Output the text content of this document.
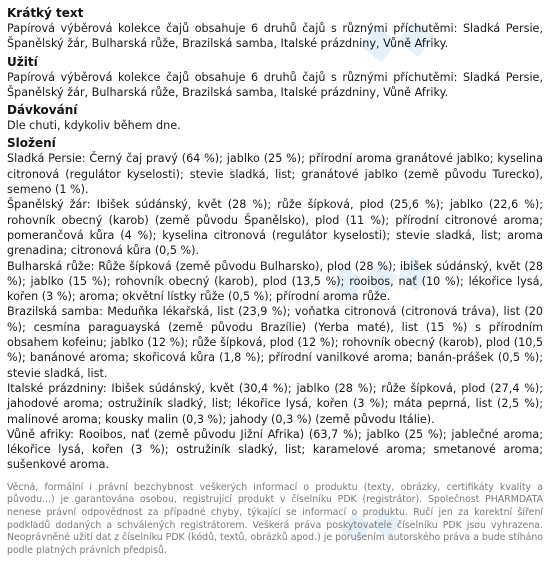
◆◆
◆◆◆
◆◆
Krátký text

Papírová výběrová kolekce čajů obsahuje 6 druhů čajů s různými příchutěmi: Sladká Persie, Španělský žár, Bulharská růže, Brazilská samba, Italské prázdniny, Vůně Afriky.

Užití

Papírová výběrová kolekce čajů obsahuje 6 druhů čajů s různými příchutěmi: Sladká Persie, Španělský žár, Bulharská růže, Brazilská samba, Italské prázdniny, Vůně Afriky.

Dávkování

Dle chuti, kdykoliv během dne.

Složení

Sladká Persie: Černý čaj pravý (64 %); jablko (25 %); přírodní aroma granátové jablko; kyselina citronová (regulátor kyselosti); stevie sladká, list; granátové jablko (země původu Turecko), semeno (1 %).

Španělský žár: Ibišek súdánský, květ (28 %); růže šípková, plod (25,6 %); jablko (22,6 %); rohovník obecný (karob) (země původu Španělsko), plod (11 %); přírodní citronové aroma; pomerančová kůra (4 %); kyselina citronová (regulátor kyselosti); stevie sladká, list; aroma grenadina; citronová kůra (0,5 %).

Bulharská růže: Růže šípková (země původu Bulharsko), plod (28 %); ibišek súdánský, květ (28 %); jablko (15 %); rohovník obecný (karob), plod (13,5 %); rooibos, nať (10 %); lékořice lysá, kořen (3 %); aroma; okvětní lístky růže (0,5 %); přírodní aroma růže.

Brazilská samba: Meduňka lékařská, list (23,9 %); voňatka citronová (citronová tráva), list (20 %); cesmína paraguayská (země původu Brazílie) (Yerba maté), list (15 %) s přírodním obsahem kofeinu; jablko (12 %); růže šípková, plod (12 %); rohovník obecný (karob), plod (10,5 %); banánové aroma; skořicová kůra (1,8 %); přírodní vanilkové aroma; banán-prášek (0,5 %); stevie sladká, list.

Italské prázdniny: Ibišek súdánský, květ (30,4 %); jablko (28 %); růže šípková, plod (27,4 %); jahodové aroma; ostružiník sladký, list; lékořice lysá, kořen (3 %); máta peprná, list (2,5 %); malinové aroma; kousky malin (0,3 %); jahody (0,3 %) (země původu Itálie).

Vůně afriky: Rooibos, nať (země původu Jižní Afrika) (63,7 %); jablko (25 %); jablečné aroma; lékořice lysá, kořen (3 %); ostružiník sladký, list; karamelové aroma; smetanové aroma; sušenkové aroma.

Věcná, formální i právní bezchybnost veškerých informací o produktu (texty, obrázky, certifikáty kvality a původu...) je garantována osobou, registrující produkt v číselníku PDK (registrátor). Společnost PHARMDATA nenese právní odpovědnost za případné chyby, týkající se informací o produktu. Ručí jen za korektní šíření podkladů dodaných a schválených registrátorem. Veškerá práva poskytovatele číselníku PDK jsou vyhrazena. Neoprávněné užití dat z číselníku PDK (kódů, textů, obrázků apod.) je porušením autorského práva a bude stíháno podle platných právních předpisů.
